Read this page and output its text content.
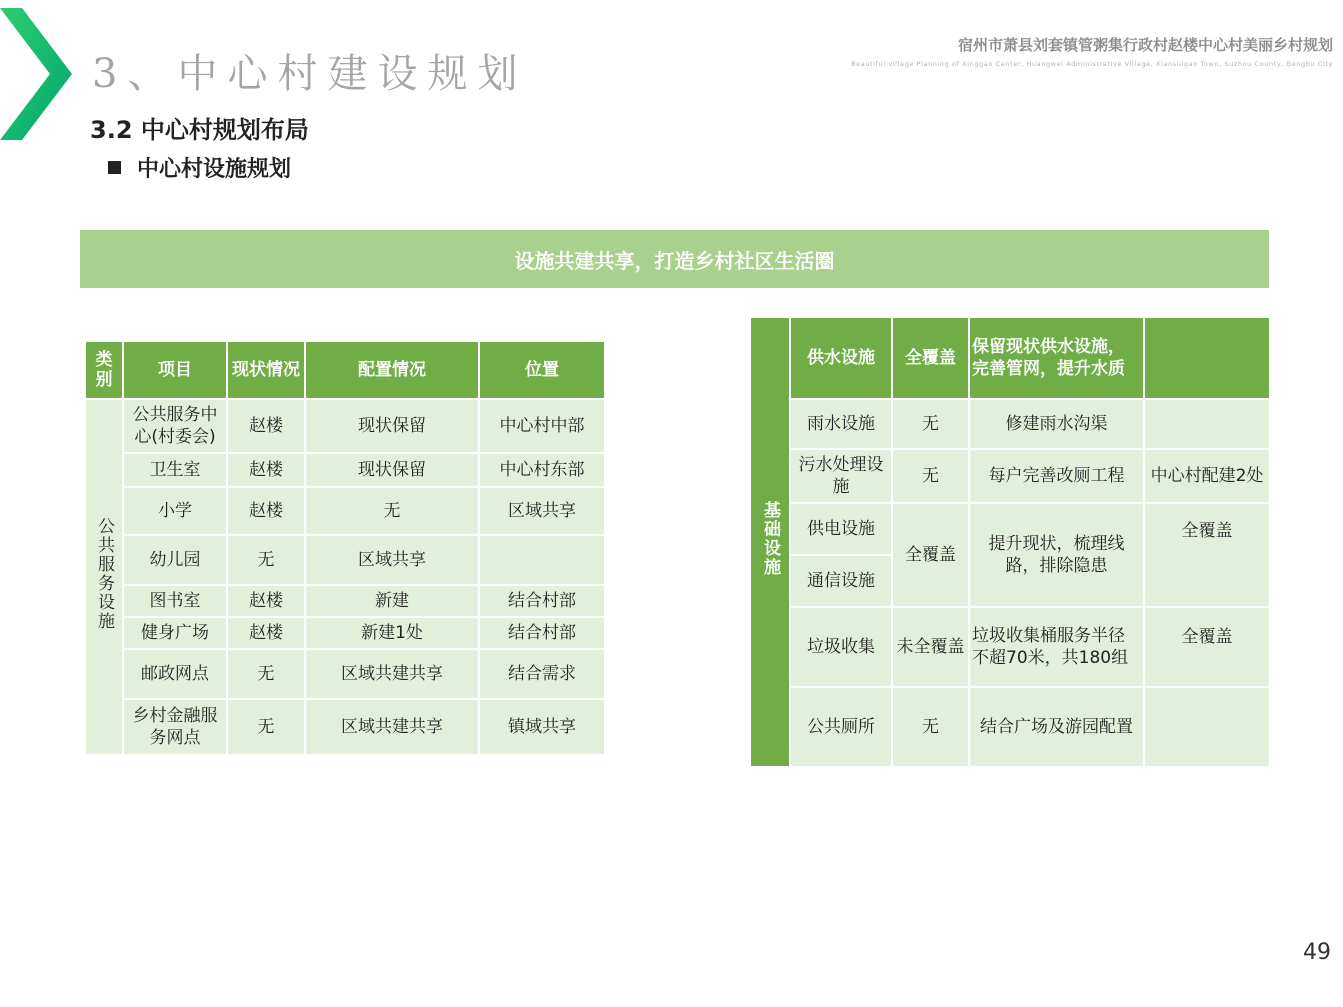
3、中心村建设规划
宿州市萧县刘套镇管粥集行政村赵楼中心村美丽乡村规划
Beautiful village Planning of Xinggao Center, Huangwei Administrative Village, Xiansuigao Town, Suzhou County, Bengbu City
3.2 中心村规划布局
中心村设施规划
设施共建共享，打造乡村社区生活圈
类别	项目	现状情况	配置情况	位置
公共服务设施	公共服务中心(村委会)	赵楼	现状保留	中心村中部
	卫生室	赵楼	现状保留	中心村东部
	小学	赵楼	无	区域共享
	幼儿园	无	区域共享	
	图书室	赵楼	新建	结合村部
	健身广场	赵楼	新建1处	结合村部
	邮政网点	无	区域共建共享	结合需求
	乡村金融服务网点	无	区域共建共享	镇域共享
基础设施	供水设施	全覆盖	保留现状供水设施，完善管网，提升水质	
	雨水设施	无	修建雨水沟渠	
	污水处理设施	无	每户完善改厕工程	中心村配建2处
	供电设施	全覆盖	提升现状，梳理线路，排除隐患	全覆盖
	通信设施			
	垃圾收集	未全覆盖	垃圾收集桶服务半径不超70米，共180组	全覆盖
	公共厕所	无	结合广场及游园配置	
49
